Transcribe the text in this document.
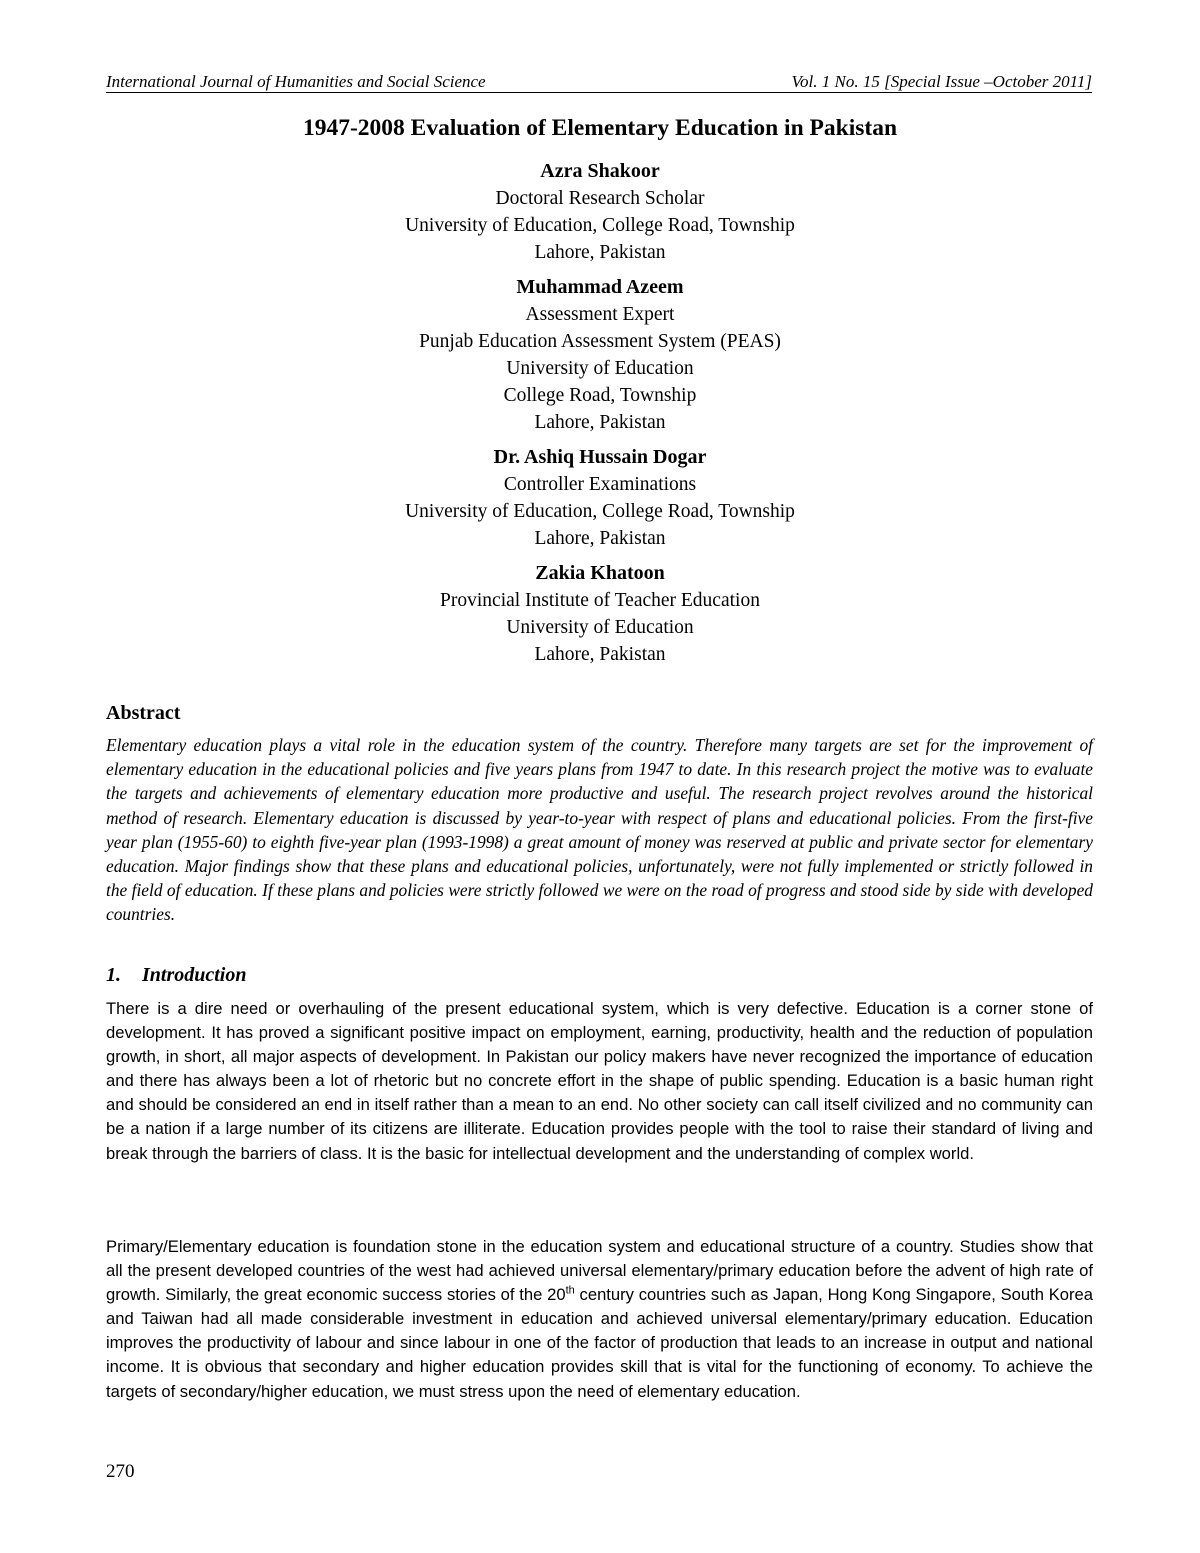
International Journal of Humanities and Social Science	Vol. 1 No. 15 [Special Issue –October 2011]
1947-2008 Evaluation of Elementary Education in Pakistan
Azra Shakoor
Doctoral Research Scholar
University of Education, College Road, Township
Lahore, Pakistan
Muhammad Azeem
Assessment Expert
Punjab Education Assessment System (PEAS)
University of Education
College Road, Township
Lahore, Pakistan
Dr. Ashiq Hussain Dogar
Controller Examinations
University of Education, College Road, Township
Lahore, Pakistan
Zakia Khatoon
Provincial Institute of Teacher Education
University of Education
Lahore, Pakistan
Abstract
Elementary education plays a vital role in the education system of the country. Therefore many targets are set for the improvement of elementary education in the educational policies and five years plans from 1947 to date. In this research project the motive was to evaluate the targets and achievements of elementary education more productive and useful. The research project revolves around the historical method of research. Elementary education is discussed by year-to-year with respect of plans and educational policies. From the first-five year plan (1955-60) to eighth five-year plan (1993-1998) a great amount of money was reserved at public and private sector for elementary education. Major findings show that these plans and educational policies, unfortunately, were not fully implemented or strictly followed in the field of education. If these plans and policies were strictly followed we were on the road of progress and stood side by side with developed countries.
1. Introduction
There is a dire need or overhauling of the present educational system, which is very defective. Education is a corner stone of development. It has proved a significant positive impact on employment, earning, productivity, health and the reduction of population growth, in short, all major aspects of development. In Pakistan our policy makers have never recognized the importance of education and there has always been a lot of rhetoric but no concrete effort in the shape of public spending. Education is a basic human right and should be considered an end in itself rather than a mean to an end. No other society can call itself civilized and no community can be a nation if a large number of its citizens are illiterate. Education provides people with the tool to raise their standard of living and break through the barriers of class. It is the basic for intellectual development and the understanding of complex world.
Primary/Elementary education is foundation stone in the education system and educational structure of a country. Studies show that all the present developed countries of the west had achieved universal elementary/primary education before the advent of high rate of growth. Similarly, the great economic success stories of the 20th century countries such as Japan, Hong Kong Singapore, South Korea and Taiwan had all made considerable investment in education and achieved universal elementary/primary education. Education improves the productivity of labour and since labour in one of the factor of production that leads to an increase in output and national income. It is obvious that secondary and higher education provides skill that is vital for the functioning of economy. To achieve the targets of secondary/higher education, we must stress upon the need of elementary education.
270
